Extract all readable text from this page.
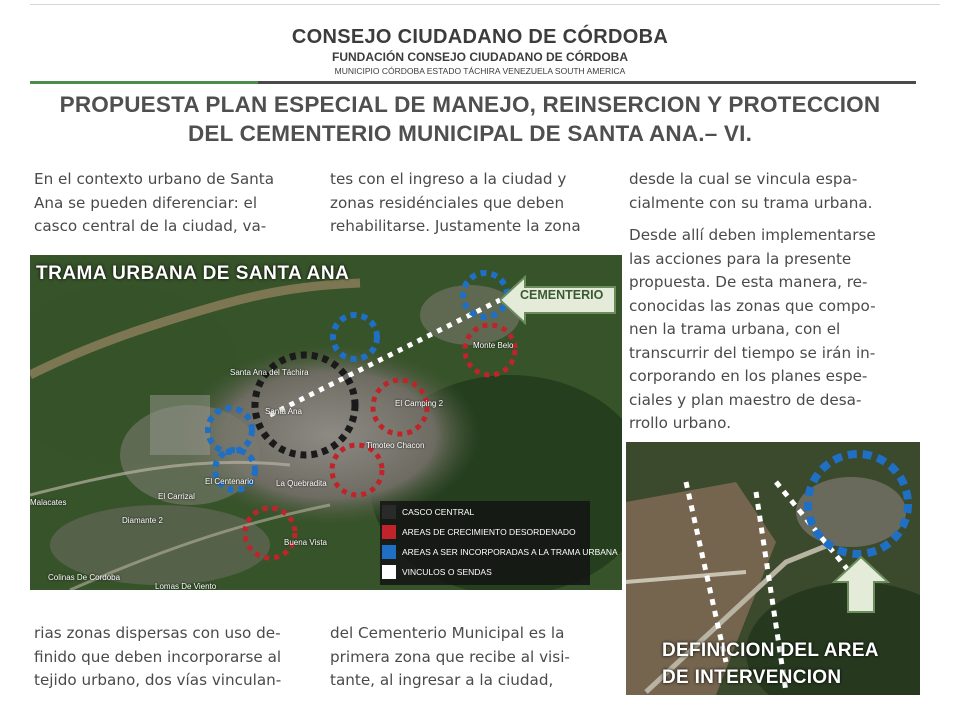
CONSEJO CIUDADANO DE CÓRDOBA
FUNDACIÓN CONSEJO CIUDADANO DE CÓRDOBA
MUNICIPIO CÓRDOBA ESTADO TÁCHIRA VENEZUELA SOUTH AMERICA
PROPUESTA PLAN ESPECIAL DE MANEJO, REINSERCION Y PROTECCION
DEL CEMENTERIO MUNICIPAL DE SANTA ANA.– VI.
En el contexto urbano de Santa
Ana se pueden diferenciar: el
casco central de la ciudad, va-
tes con el ingreso a la ciudad y
zonas residénciales que deben
rehabilitarse. Justamente la zona
desde la cual se vincula espa-
cialmente con su trama urbana.
Desde allí deben implementarse
las acciones para la presente
propuesta. De esta manera, re-
conocidas las zonas que compo-
nen la trama urbana, con el
transcurrir del tiempo se irán in-
corporando en los planes espe-
ciales y plan maestro de desa-
rrollo urbano.
TRAMA URBANA DE SANTA ANA
CEMENTERIO
Monte Belo
Santa Ana del Táchira
Santa Ana
El Camping 2
Timoteo Chacon
El Centenario	La Quebradita
El Carrizal
Malacates
Diamante 2
Buena Vista
Colinas De Cordoba
Lomas De Viento
CASCO CENTRAL
AREAS DE CRECIMIENTO DESORDENADO
AREAS A SER INCORPORADAS A LA TRAMA URBANA
VINCULOS O SENDAS
rias zonas dispersas con uso de-
finido que deben incorporarse al
tejido urbano, dos vías vinculan-
del Cementerio Municipal es la
primera zona que recibe al visi-
tante, al ingresar a la ciudad,
DEFINICION DEL AREA
DE INTERVENCION
